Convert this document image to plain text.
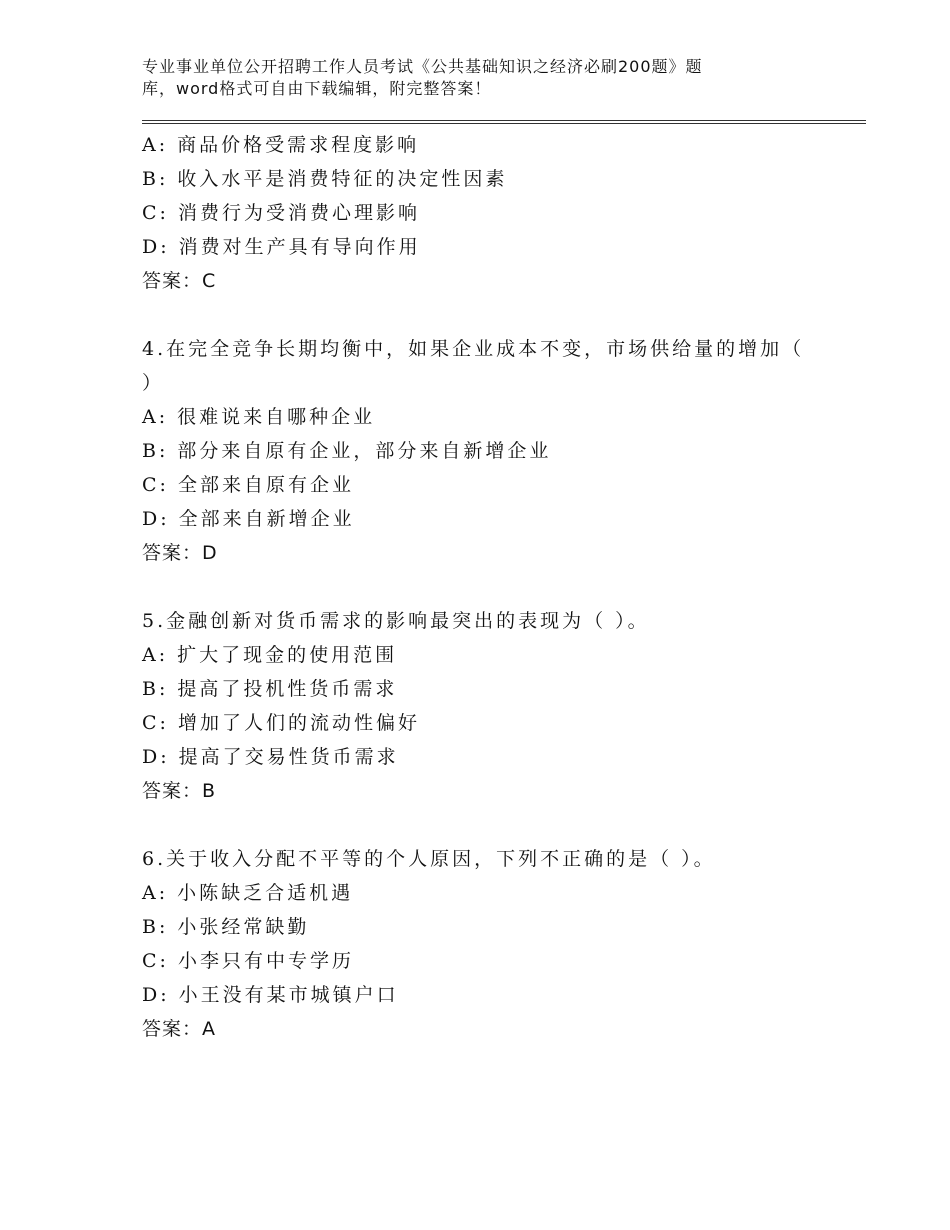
专业事业单位公开招聘工作人员考试《公共基础知识之经济必刷200题》题
库，word格式可自由下载编辑，附完整答案！
A: 商品价格受需求程度影响
B: 收入水平是消费特征的决定性因素
C: 消费行为受消费心理影响
D: 消费对生产具有导向作用
答案：C
4.在完全竞争长期均衡中，如果企业成本不变，市场供给量的增加（
）
A: 很难说来自哪种企业
B: 部分来自原有企业，部分来自新增企业
C: 全部来自原有企业
D: 全部来自新增企业
答案：D
5.金融创新对货币需求的影响最突出的表现为（ ）。
A: 扩大了现金的使用范围
B: 提高了投机性货币需求
C: 增加了人们的流动性偏好
D: 提高了交易性货币需求
答案：B
6.关于收入分配不平等的个人原因，下列不正确的是（ ）。
A: 小陈缺乏合适机遇
B: 小张经常缺勤
C: 小李只有中专学历
D: 小王没有某市城镇户口
答案：A
